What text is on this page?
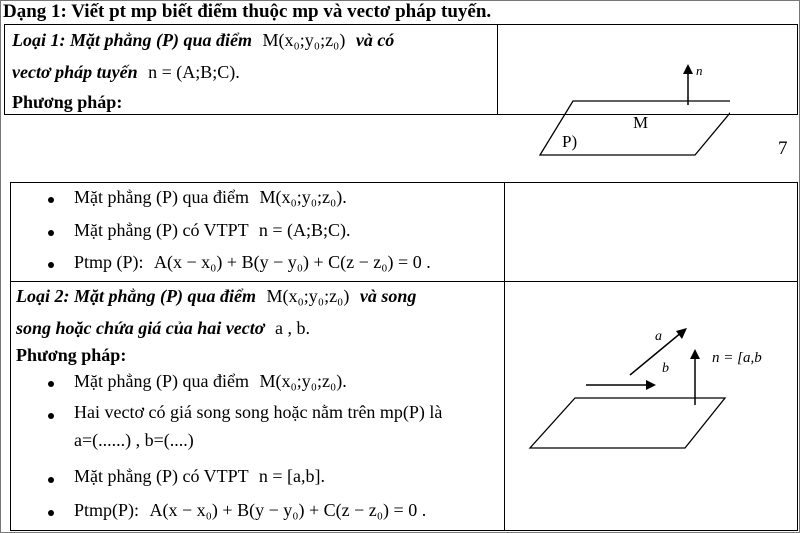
Dạng 1: Viết pt mp biết điểm thuộc mp và vectơ pháp tuyến.
Loại 1: Mặt phẳng (P) qua điểm M(x₀;y₀;z₀) và có
vectơ pháp tuyến n = (A;B;C).
Phương pháp:
n
M
P)	7
Mặt phẳng (P) qua điểm M(x₀;y₀;z₀).
Mặt phẳng (P) có VTPT n = (A;B;C).
Ptmp (P): A(x − x₀) + B(y − y₀) + C(z − z₀) = 0 .
Loại 2: Mặt phẳng (P) qua điểm M(x₀;y₀;z₀) và song
song hoặc chứa giá của hai vectơ a , b.
Phương pháp:
Mặt phẳng (P) qua điểm M(x₀;y₀;z₀).
Hai vectơ có giá song song hoặc nằm trên mp(P) là
a=(......) , b=(....)
Mặt phẳng (P) có VTPT n = [a,b].
Ptmp(P): A(x − x₀) + B(y − y₀) + C(z − z₀) = 0 .
a
b
n = [a,b
